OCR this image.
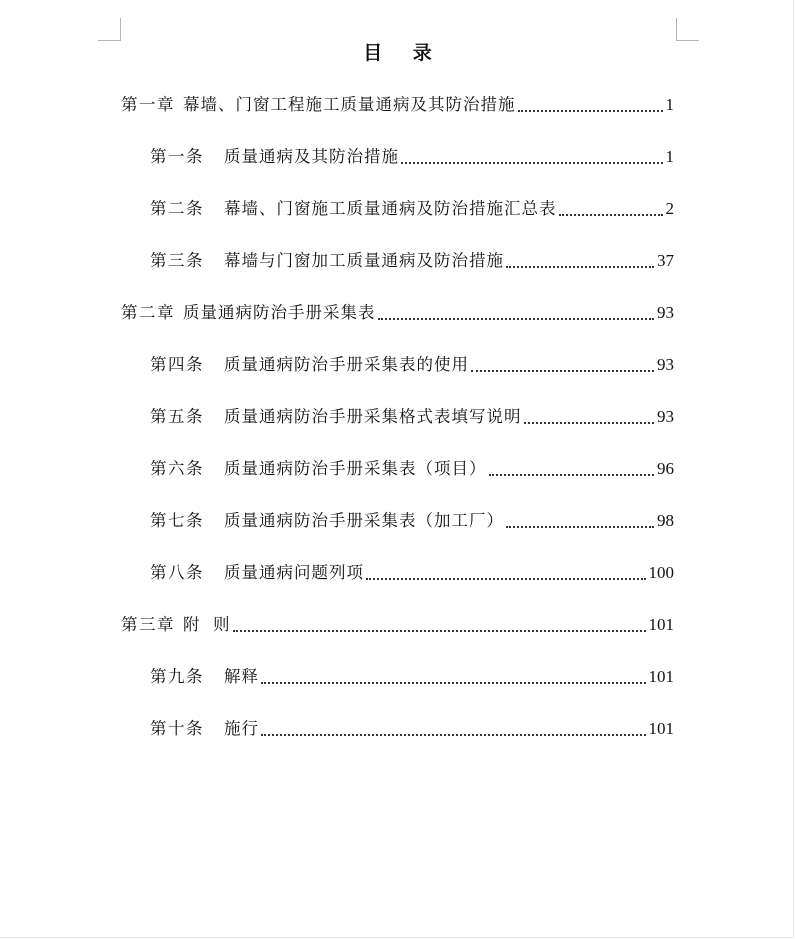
目 录
第一章 幕墙、门窗工程施工质量通病及其防治措施	1
第一条 质量通病及其防治措施	1
第二条 幕墙、门窗施工质量通病及防治措施汇总表	2
第三条 幕墙与门窗加工质量通病及防治措施	37
第二章 质量通病防治手册采集表	93
第四条 质量通病防治手册采集表的使用	93
第五条 质量通病防治手册采集格式表填写说明	93
第六条 质量通病防治手册采集表（项目）	96
第七条 质量通病防治手册采集表（加工厂）	98
第八条 质量通病问题列项	100
第三章 附  则	101
第九条 解释	101
第十条 施行	101
